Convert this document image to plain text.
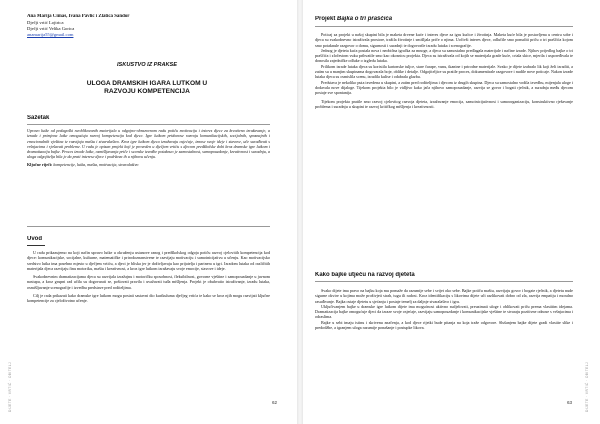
Ana Marija Cimaš, Ivana Pavlić i Zlatica Šandor
Dječji vrtić Lojtrica
Dječji vrtić Velika Gorica
anamarija55@gmail.com
ISKUSTVO IZ PRAKSE
ULOGA DRAMSKIH IGARA LUTKOM U
RAZVOJU KOMPETENCIJA
Sažetak

Upravo lutke od pedagoški neoblikovanih materijala u odgojno-obrazovnom radu potiču motivaciju i interes djece za kreativno izražavanje, a izrada i primjena lutke omogućuju razvoj kompetencija kod djece. Igre lutkom pridonose razvoju komunikacijskih, socijalnih, spoznajnih i emocionalnih vještina te razvijaju maštu i stvaralaštvo. Kroz igre lutkom djeca izražavaju osjećaje, iznose svoje ideje i stavove, uče surađivati s vršnjacima i rješavati probleme. U radu je opisan projekt koji je proveden u dječjem vrtiću s djecom predškolske dobi kroz dramske igre lutkom i dramatizaciju bajke. Proces izrade lutke, osmišljavanja priče i scenske izvedbe potaknuo je samostalnost, samopouzdanje, kreativnost i suradnju, a uloga odgojitelja bila je da prati interese djece i podržava ih u njihovu učenju.

Ključne riječi: kompetencije, lutka, mašta, motivacija, stvaralaštvo

Uvod

U radu prikazujemo na koji način upravo lutke u okruženju ustanove ranog i predškolskog odgoja potiču razvoj cjelovitih kompetencija kod djece: komunikacijske, socijalne, kulturne, matematičke i prirodoznanstvene te razvijaju motivaciju i samoinicijativu u učenju. Kao motivacijsko sredstvo lutka ima posebno mjesto u dječjem vrtiću, a djeci je bliska jer je doživljavaju kao prijatelja i partnera u igri. Izradom lutaka od različitih materijala djeca razvijaju finu motoriku, maštu i kreativnost, a kroz igre lutkom izražavaju svoje emocije, stavove i ideje.

Svakodnevnim dramatizacijama djeca su razvijala izražajnu i motoričku sposobnost, fleksibilnost, govorne vještine i samopouzdanje u javnom nastupu, a kroz grupni rad učila su dogovarati se, poštovati pravila i uvažavati tuđa mišljenja. Projekt je obuhvatio istraživanje, izradu lutaka, osmišljavanje scenografije i izvedbu predstave pred roditeljima.

Cilj je rada prikazati kako dramske igre lutkom mogu postati sastavni dio kurikuluma dječjeg vrtića te kako se kroz njih mogu razvijati ključne kompetencije za cjeloživotno učenje.

DIJETE · VRTIĆ · OBITELJ	62
Projekt Bajka o tri praščića

Poticaj za projekt u našoj skupini bila je maketa drvene kuće i interes djece za igru kućice i životinja. Maketa kuće bila je postavljena u centru sobe i djeca su svakodnevno istraživala prostore, tražila životinje i smišljala priče o njima. Uočivši interes djece, odlučile smo ponuditi priču o tri praščića kojom smo potaknule razgovor o domu, sigurnosti i suradnji te dogovorile izradu lutaka i scenografije.

Jednog je djeteta kuća postala nova i neobična igračka za mnoge, a djeca su samostalno predlagala materijale i načine izrade. Njihov prijedlog bajke o tri praščića i zločestom vuku prihvatile smo kao okosnicu projekta. Djeca su istraživala od kojih se materijala grade kuće, crtala skice, mjerila i uspoređivala te donosila zajedničke odluke o izgledu lutaka.

Prilikom izrade lutaka djeca su koristila kartonske tuljce, stare čarape, vunu, tkanine i prirodne materijale. Svako je dijete izabralo lik koji želi izraditi, a zatim su u manjim skupinama dogovarala boje, oblike i detalje. Odgojiteljice su pratile proces, dokumentirale razgovore i nudile nove poticaje. Nakon izrade lutaka djeca su osmislila scenu, izradila kulise i odabrala glazbu.

Predstava je nekoliko puta izvedena u skupini, a zatim pred roditeljima i djecom iz drugih skupina. Djeca su samostalno vodila izvedbu, mijenjala uloge i dodavala nove dijaloge. Tijekom projekta bilo je vidljivo kako jača njihovo samopouzdanje, razvija se govor i bogati rječnik, a suradnja među djecom postaje sve spontanija.

Tijekom projekta pratile smo razvoj cjelovitog razvoja djeteta, izražavanje emocija, samoinicijativnost i samoorganizaciju, konstruktivno rješavanje problema i suradnju u skupini te razvoj kritičkog mišljenja i kreativnosti.

Kako bajke utječu na razvoj djeteta

Svako dijete ima pravo na bajku koja mu pomaže da razumije sebe i svijet oko sebe. Bajke potiču maštu, razvijaju govor i bogate rječnik, a djetetu nude sigurne okvire u kojima može proživjeti strah, tugu ili radost. Kroz identifikaciju s likovima dijete uči razlikovati dobro od zla, razvija empatiju i moralno rasuđivanje. Bajka ostaje djetetu u sjećanju i postaje temelj za daljnje stvaralaštvo i igru.

Uključivanjem bajke u dramske igre lutkom dijete ima mogućnost aktivno sudjelovati, preuzimati uloge i oblikovati priču prema vlastitim idejama. Dramatizacija bajke omogućuje djeci da izraze svoje osjećaje, razvijaju samopouzdanje i komunikacijske vještine te stvaraju pozitivne odnose s vršnjacima i odraslima.

Bajke u sebi imaju istinu i skrivenu značenja, a kod djece rijetki bude pitanja na koja traže odgovore. Slušanjem bajke dijete gradi vlastite slike i predodžbe, a igranjem uloga razumije ponašanje i postupke likova.

63	DIJETE · VRTIĆ · OBITELJ
